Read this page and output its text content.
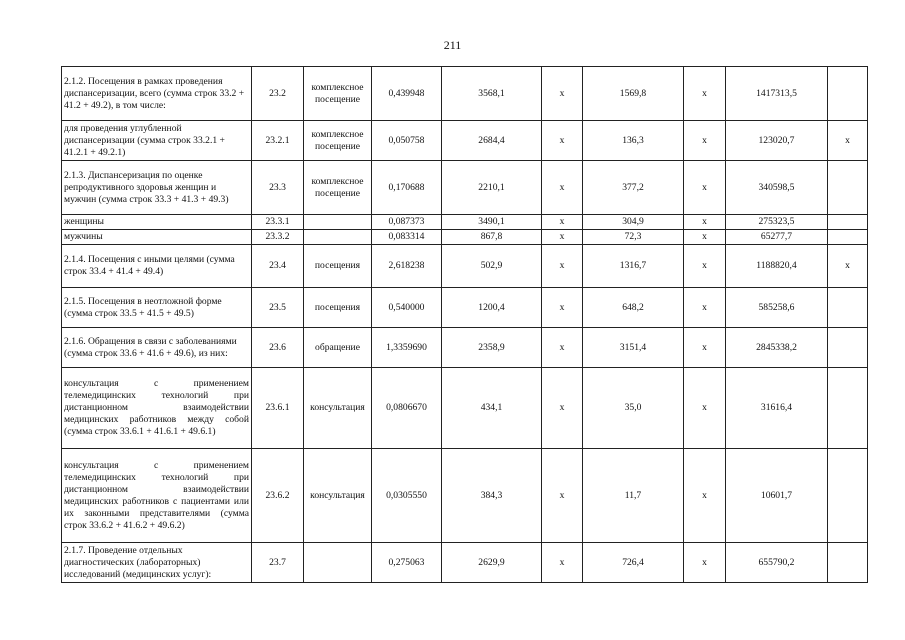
211
2.1.2. Посещения в рамках проведения диспансеризации, всего (сумма строк 33.2 + 41.2 + 49.2), в том числе:	23.2	комплексное посещение	0,439948	3568,1	х	1569,8	х	1417313,5	
для проведения углубленной диспансеризации (сумма строк 33.2.1 + 41.2.1 + 49.2.1)	23.2.1	комплексное посещение	0,050758	2684,4	х	136,3	х	123020,7	х
2.1.3. Диспансеризация по оценке репродуктивного здоровья женщин и мужчин (сумма строк 33.3 + 41.3 + 49.3)	23.3	комплексное посещение	0,170688	2210,1	х	377,2	х	340598,5	
женщины	23.3.1		0,087373	3490,1	х	304,9	х	275323,5	
мужчины	23.3.2		0,083314	867,8	х	72,3	х	65277,7	
2.1.4. Посещения с иными целями (сумма строк 33.4 + 41.4 + 49.4)	23.4	посещения	2,618238	502,9	х	1316,7	х	1188820,4	х
2.1.5. Посещения в неотложной форме (сумма строк 33.5 + 41.5 + 49.5)	23.5	посещения	0,540000	1200,4	х	648,2	х	585258,6	
2.1.6. Обращения в связи с заболеваниями (сумма строк 33.6 + 41.6 + 49.6), из них:	23.6	обращение	1,3359690	2358,9	х	3151,4	х	2845338,2	
консультация с применением телемедицинских технологий при дистанционном взаимодействии медицинских работников между собой (сумма строк 33.6.1 + 41.6.1 + 49.6.1)	23.6.1	консультация	0,0806670	434,1	х	35,0	х	31616,4	
консультация с применением телемедицинских технологий при дистанционном взаимодействии медицинских работников с пациентами или их законными представителями (сумма строк 33.6.2 + 41.6.2 + 49.6.2)	23.6.2	консультация	0,0305550	384,3	х	11,7	х	10601,7	
2.1.7. Проведение отдельных диагностических (лабораторных) исследований (медицинских услуг):	23.7		0,275063	2629,9	х	726,4	х	655790,2	
